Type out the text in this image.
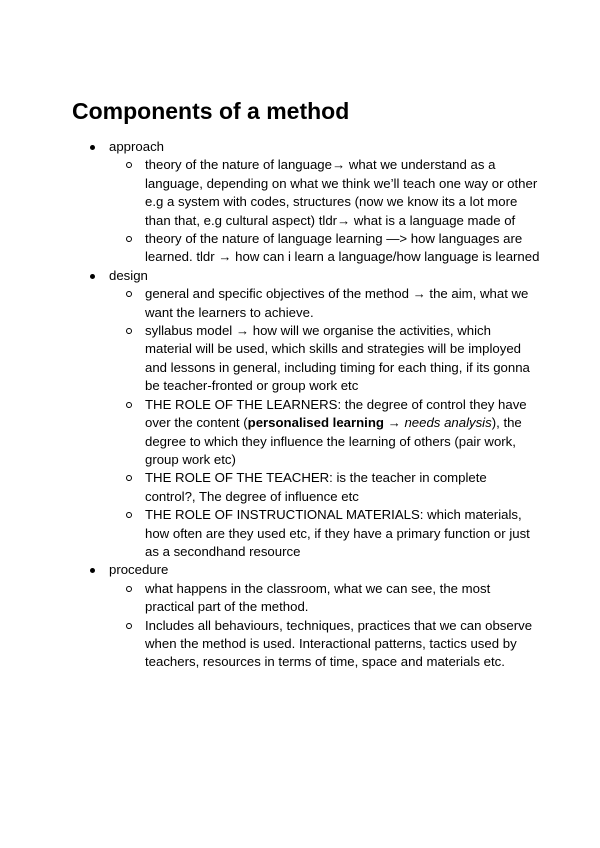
Components of a method
approach
theory of the nature of language→ what we understand as a language, depending on what we think we’ll teach one way or other e.g a system with codes, structures (now we know its a lot more than that, e.g cultural aspect) tldr→ what is a language made of
theory of the nature of language learning —> how languages are learned. tldr → how can i learn a language/how language is learned
design
general and specific objectives of the method → the aim, what we want the learners to achieve.
syllabus model → how will we organise the activities, which material will be used, which skills and strategies will be imployed and lessons in general, including timing for each thing, if its gonna be teacher-fronted or group work etc
THE ROLE OF THE LEARNERS: the degree of control they have over the content (personalised learning → needs analysis), the degree to which they influence the learning of others (pair work, group work etc)
THE ROLE OF THE TEACHER: is the teacher in complete control?, The degree of influence etc
THE ROLE OF INSTRUCTIONAL MATERIALS: which materials, how often are they used etc, if they have a primary function or just as a secondhand resource
procedure
what happens in the classroom, what we can see, the most practical part of the method.
Includes all behaviours, techniques, practices that we can observe when the method is used. Interactional patterns, tactics used by teachers, resources in terms of time, space and materials etc.
